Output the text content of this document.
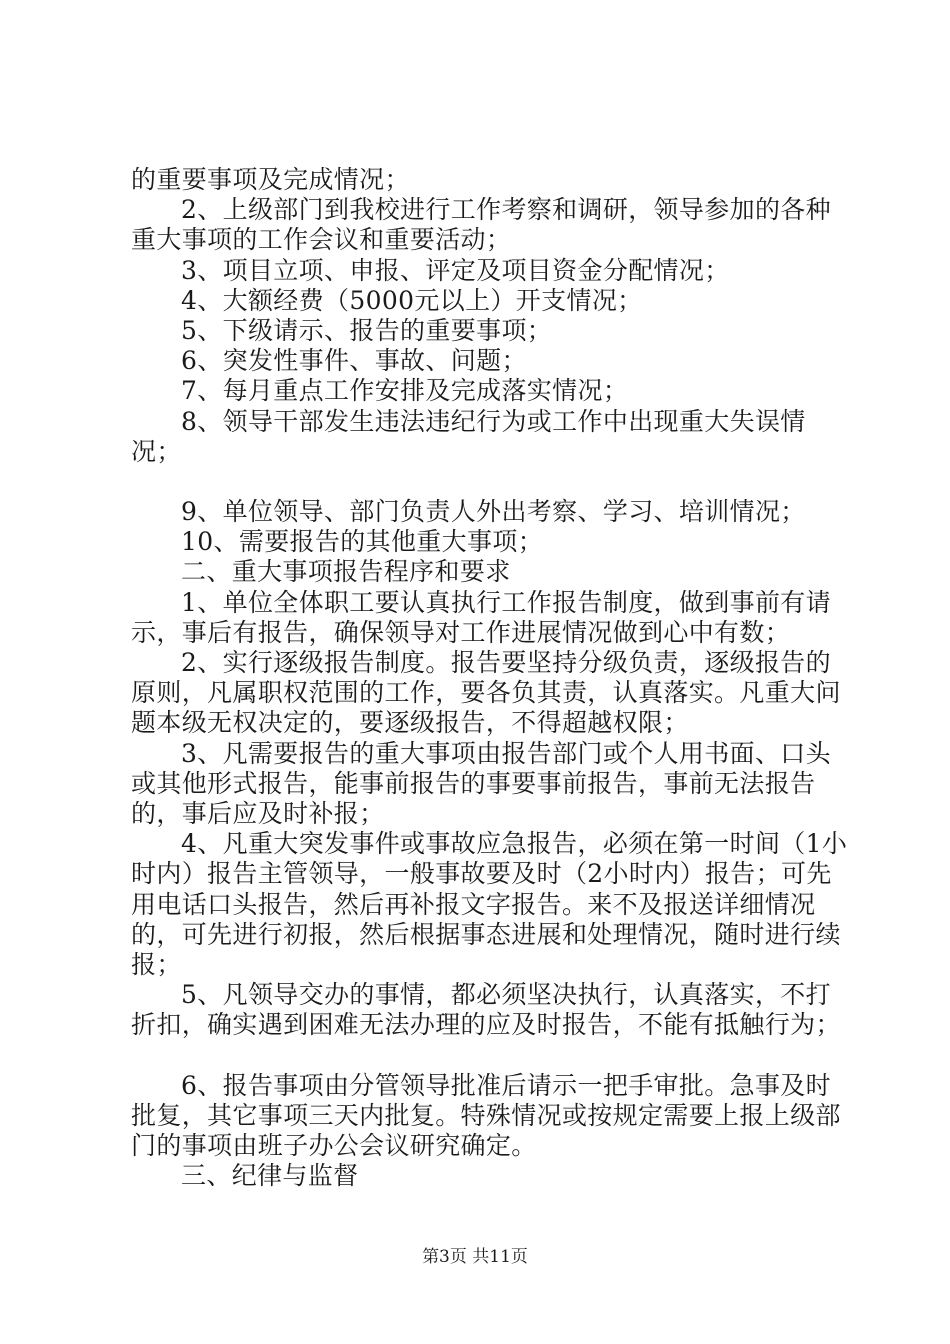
的重要事项及完成情况；

2、上级部门到我校进行工作考察和调研，领导参加的各种重大事项的工作会议和重要活动；

3、项目立项、申报、评定及项目资金分配情况；

4、大额经费（5000元以上）开支情况；

5、下级请示、报告的重要事项；

6、突发性事件、事故、问题；

7、每月重点工作安排及完成落实情况；

8、领导干部发生违法违纪行为或工作中出现重大失误情况；

9、单位领导、部门负责人外出考察、学习、培训情况；

10、需要报告的其他重大事项；

二、重大事项报告程序和要求

1、单位全体职工要认真执行工作报告制度，做到事前有请示，事后有报告，确保领导对工作进展情况做到心中有数；

2、实行逐级报告制度。报告要坚持分级负责，逐级报告的原则，凡属职权范围的工作，要各负其责，认真落实。凡重大问题本级无权决定的，要逐级报告，不得超越权限；

3、凡需要报告的重大事项由报告部门或个人用书面、口头或其他形式报告，能事前报告的事要事前报告，事前无法报告的，事后应及时补报；

4、凡重大突发事件或事故应急报告，必须在第一时间（1小时内）报告主管领导，一般事故要及时（2小时内）报告；可先用电话口头报告，然后再补报文字报告。来不及报送详细情况的，可先进行初报，然后根据事态进展和处理情况，随时进行续报；

5、凡领导交办的事情，都必须坚决执行，认真落实，不打折扣，确实遇到困难无法办理的应及时报告，不能有抵触行为；

6、报告事项由分管领导批准后请示一把手审批。急事及时批复，其它事项三天内批复。特殊情况或按规定需要上报上级部门的事项由班子办公会议研究确定。

三、纪律与监督

第3页 共11页
